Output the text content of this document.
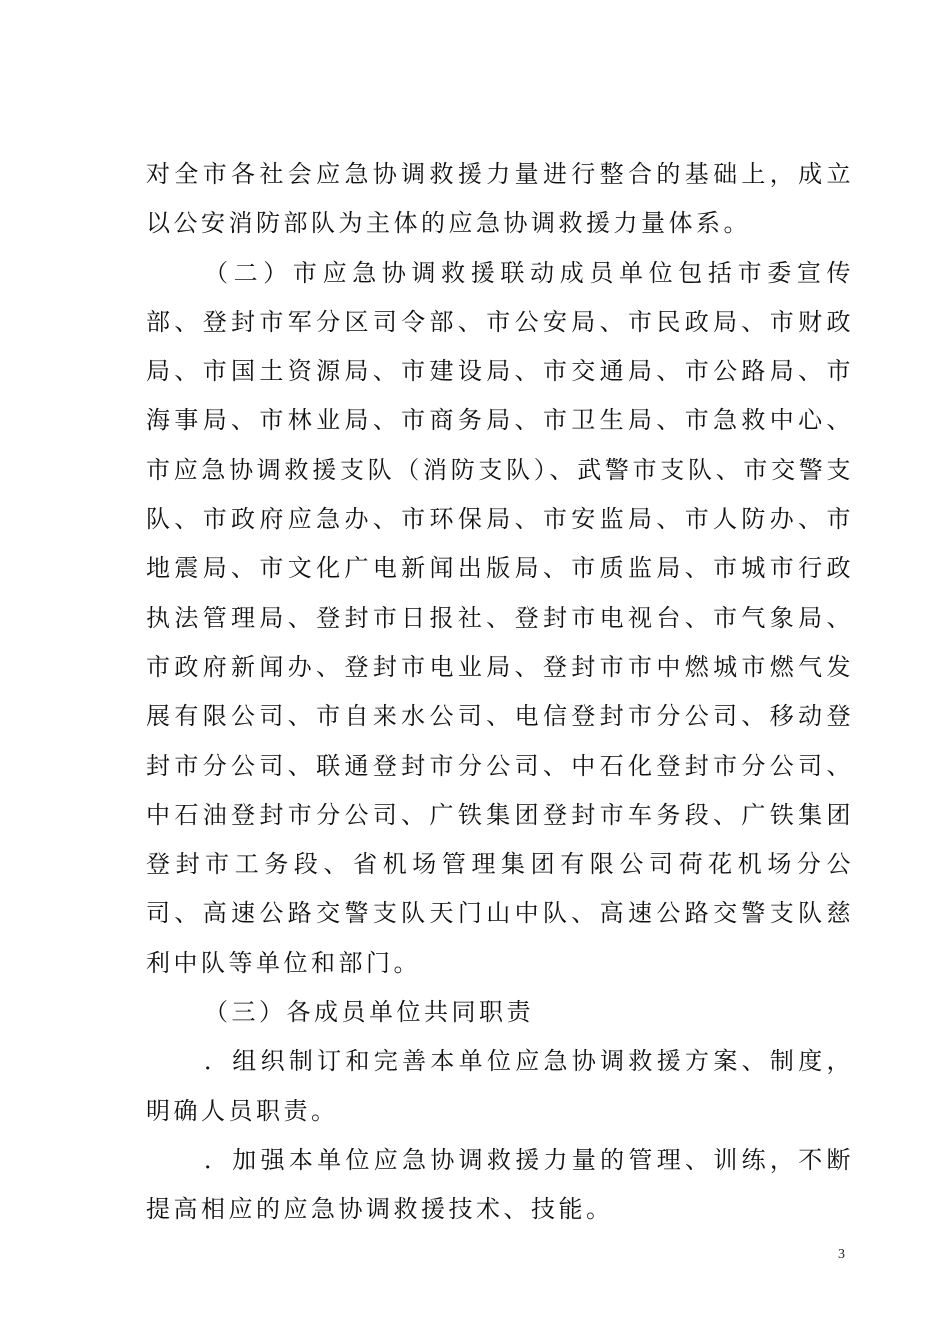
对全市各社会应急协调救援力量进行整合的基础上，成立以公安消防部队为主体的应急协调救援力量体系。

（二）市应急协调救援联动成员单位包括市委宣传部、登封市军分区司令部、市公安局、市民政局、市财政局、市国土资源局、市建设局、市交通局、市公路局、市海事局、市林业局、市商务局、市卫生局、市急救中心、市应急协调救援支队（消防支队）、武警市支队、市交警支队、市政府应急办、市环保局、市安监局、市人防办、市地震局、市文化广电新闻出版局、市质监局、市城市行政执法管理局、登封市日报社、登封市电视台、市气象局、市政府新闻办、登封市电业局、登封市市中燃城市燃气发展有限公司、市自来水公司、电信登封市分公司、移动登封市分公司、联通登封市分公司、中石化登封市分公司、中石油登封市分公司、广铁集团登封市车务段、广铁集团登封市工务段、省机场管理集团有限公司荷花机场分公司、高速公路交警支队天门山中队、高速公路交警支队慈利中队等单位和部门。

（三）各成员单位共同职责

．组织制订和完善本单位应急协调救援方案、制度，明确人员职责。

．加强本单位应急协调救援力量的管理、训练，不断提高相应的应急协调救援技术、技能。

3
